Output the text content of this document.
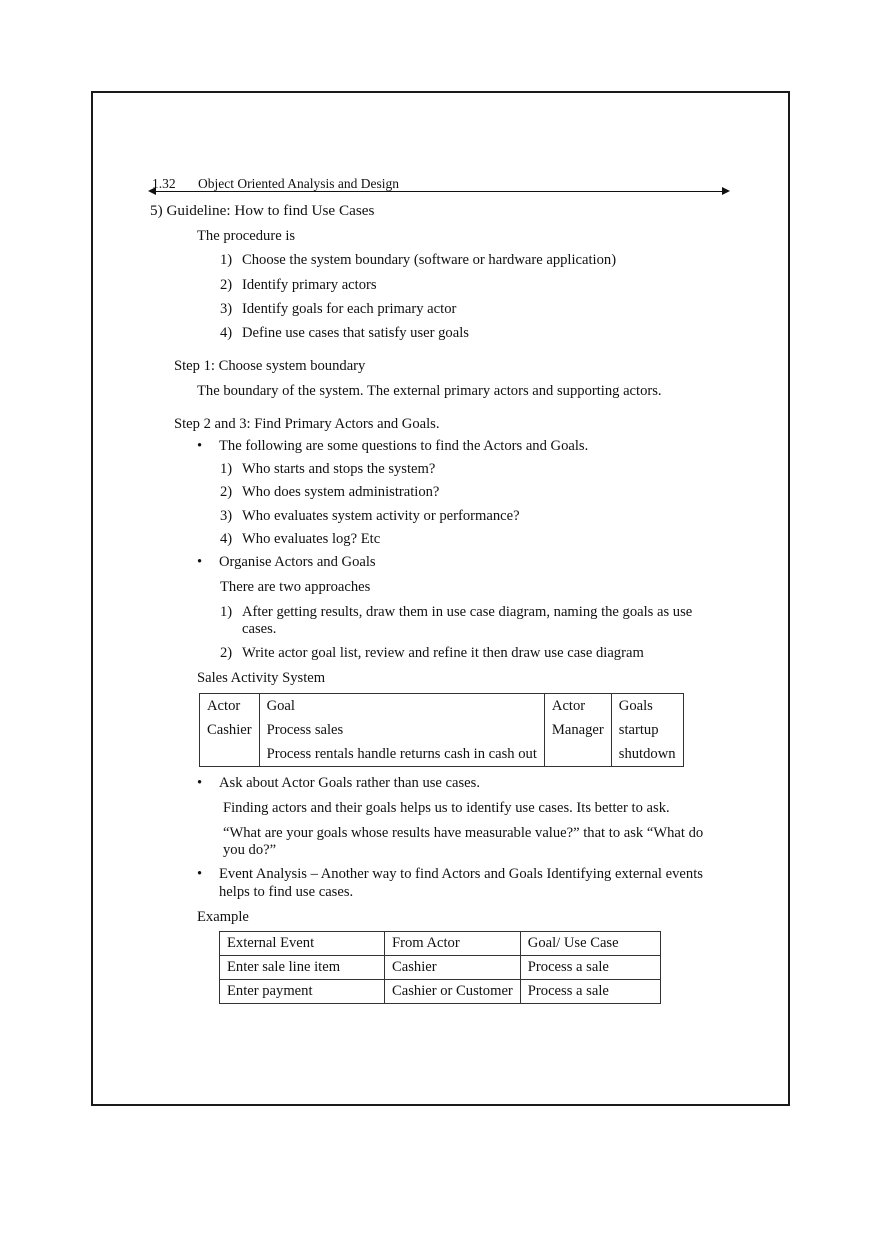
1.32 Object Oriented Analysis and Design
5) Guideline: How to find Use Cases
The procedure is
1) Choose the system boundary (software or hardware application)
2) Identify primary actors
3) Identify goals for each primary actor
4) Define use cases that satisfy user goals
Step 1: Choose system boundary
The boundary of the system. The external primary actors and supporting actors.
Step 2 and 3: Find Primary Actors and Goals.
• The following are some questions to find the Actors and Goals.
1) Who starts and stops the system?
2) Who does system administration?
3) Who evaluates system activity or performance?
4) Who evaluates log? Etc
• Organise Actors and Goals
There are two approaches
1) After getting results, draw them in use case diagram, naming the goals as use
cases.
2) Write actor goal list, review and refine it then draw use case diagram
Sales Activity System
Actor	Goal	Actor	Goals
Cashier	Process sales	Manager	startup
	Process rentals handle returns cash in cash out		shutdown
• Ask about Actor Goals rather than use cases.
Finding actors and their goals helps us to identify use cases. Its better to ask.
“What are your goals whose results have measurable value?” that to ask “What do
you do?”
• Event Analysis – Another way to find Actors and Goals Identifying external events
helps to find use cases.
Example
External Event	From Actor	Goal/ Use Case
Enter sale line item	Cashier	Process a sale
Enter payment	Cashier or Customer	Process a sale
